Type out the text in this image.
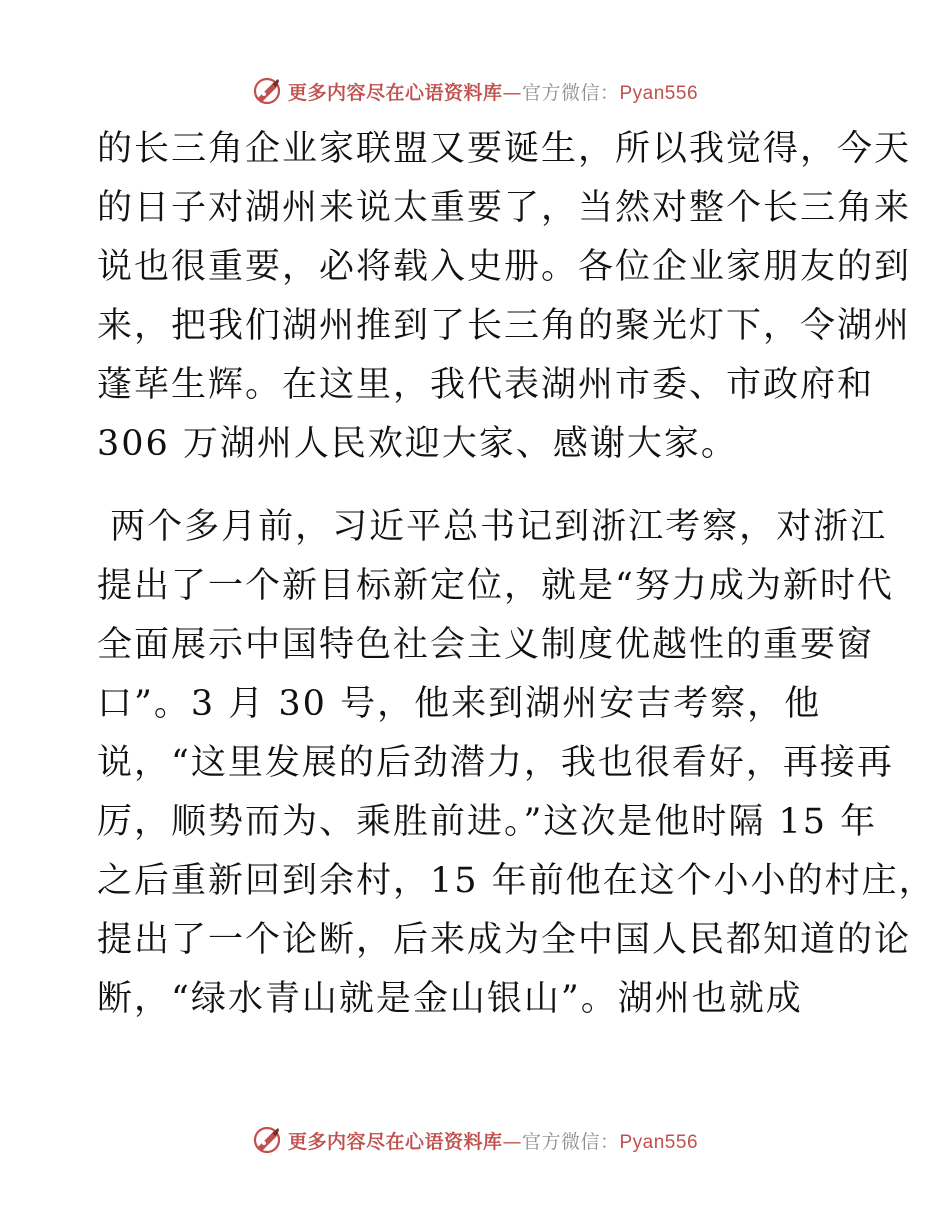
更多内容尽在心语资料库—官方微信：Pyan556
的长三角企业家联盟又要诞生，所以我觉得，今天
的日子对湖州来说太重要了，当然对整个长三角来
说也很重要，必将载入史册。各位企业家朋友的到
来，把我们湖州推到了长三角的聚光灯下，令湖州
蓬荜生辉。在这里，我代表湖州市委、市政府和
306 万湖州人民欢迎大家、感谢大家。
两个多月前，习近平总书记到浙江考察，对浙江
提出了一个新目标新定位，就是“努力成为新时代
全面展示中国特色社会主义制度优越性的重要窗
口”。3 月 30 号，他来到湖州安吉考察，他
说，“这里发展的后劲潜力，我也很看好，再接再
厉，顺势而为、乘胜前进。”这次是他时隔 15 年
之后重新回到余村，15 年前他在这个小小的村庄，
提出了一个论断，后来成为全中国人民都知道的论
断，“绿水青山就是金山银山”。湖州也就成
更多内容尽在心语资料库—官方微信：Pyan556
